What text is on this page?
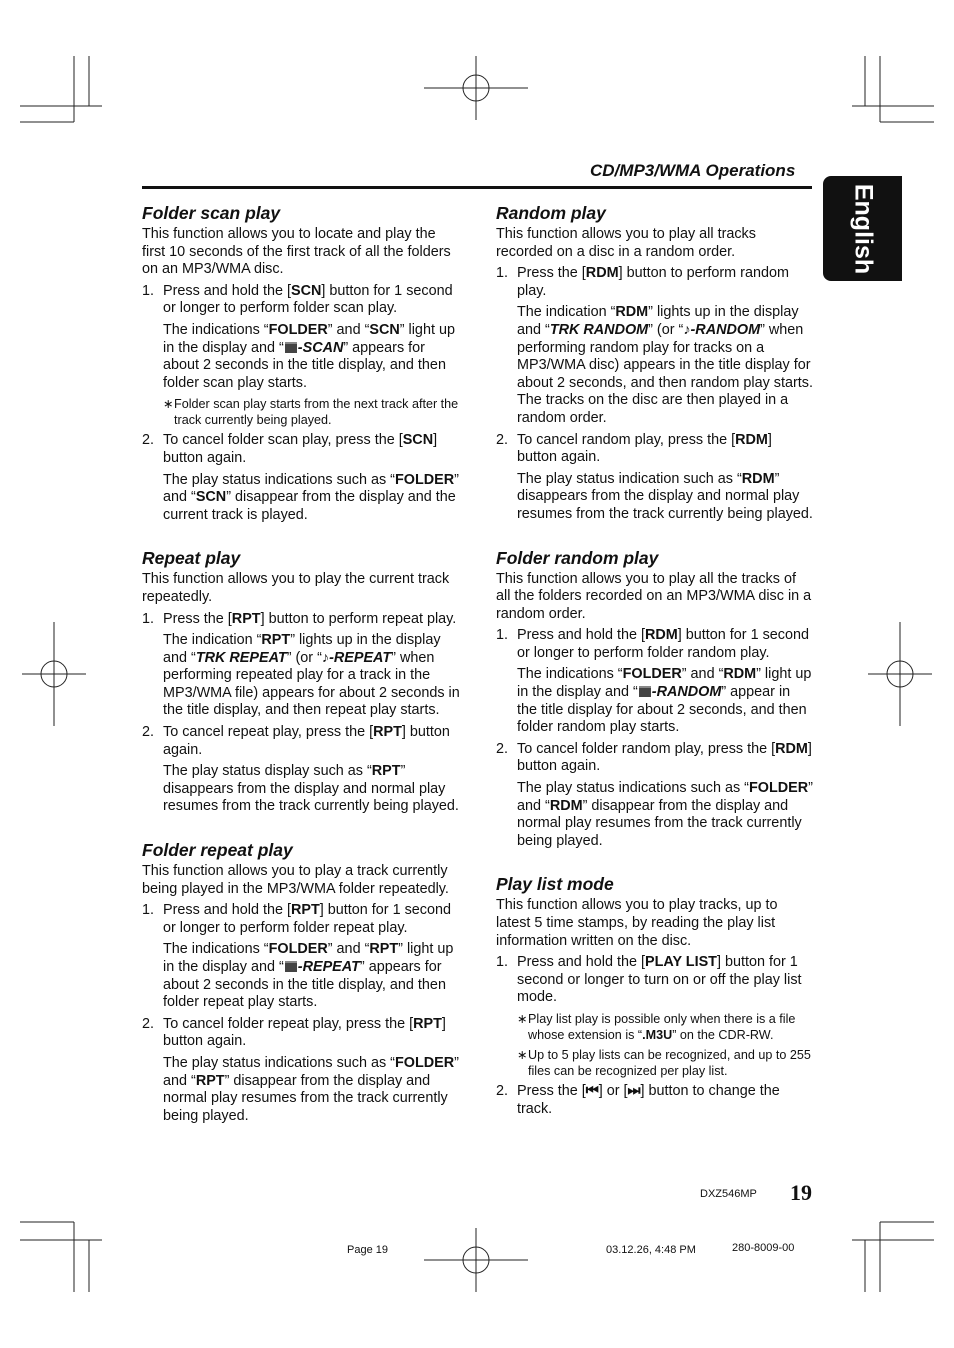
CD/MP3/WMA Operations
English
Folder scan play

This function allows you to locate and play the first 10 seconds of the first track of all the folders on an MP3/WMA disc.

1. Press and hold the [SCN] button for 1 second or longer to perform folder scan play.

The indications “FOLDER” and “SCN” light up in the display and “ -SCAN” appears for about 2 seconds in the title display, and then folder scan play starts.

∗ Folder scan play starts from the next track after the track currently being played.
2. To cancel folder scan play, press the [SCN] button again.

The play status indications such as “FOLDER” and “SCN” disappear from the display and the current track is played.

Repeat play

This function allows you to play the current track repeatedly.

1. Press the [RPT] button to perform repeat play.

The indication “RPT” lights up in the display and “TRK REPEAT” (or “♪-REPEAT” when performing repeated play for a track in the MP3/WMA file) appears for about 2 seconds in the title display, and then repeat play starts.

2. To cancel repeat play, press the [RPT] button again.

The play status display such as “RPT” disappears from the display and normal play resumes from the track currently being played.

Folder repeat play

This function allows you to play a track currently being played in the MP3/WMA folder repeatedly.

1. Press and hold the [RPT] button for 1 second or longer to perform folder repeat play.

The indications “FOLDER” and “RPT” light up in the display and “ -REPEAT” appears for about 2 seconds in the title display, and then folder repeat play starts.

2. To cancel folder repeat play, press the [RPT] button again.

The play status indications such as “FOLDER” and “RPT” disappear from the display and normal play resumes from the track currently being played.

Random play

This function allows you to play all tracks recorded on a disc in a random order.

1. Press the [RDM] button to perform random play.

The indication “RDM” lights up in the display and “TRK RANDOM” (or “♪-RANDOM” when performing random play for tracks on a MP3/WMA disc) appears in the title display for about 2 seconds, and then random play starts. The tracks on the disc are then played in a random order.

2. To cancel random play, press the [RDM] button again.

The play status indication such as “RDM” disappears from the display and normal play resumes from the track currently being played.

Folder random play

This function allows you to play all the tracks of all the folders recorded on an MP3/WMA disc in a random order.

1. Press and hold the [RDM] button for 1 second or longer to perform folder random play.

The indications “FOLDER” and “RDM” light up in the display and “ -RANDOM” appear in the title display for about 2 seconds, and then folder random play starts.

2. To cancel folder random play, press the [RDM] button again.

The play status indications such as “FOLDER” and “RDM” disappear from the display and normal play resumes from the track currently being played.

Play list mode

This function allows you to play tracks, up to latest 5 time stamps, by reading the play list information written on the disc.

1. Press and hold the [PLAY LIST] button for 1 second or longer to turn on or off the play list mode.

∗ Play list play is possible only when there is a file whose extension is “.M3U” on the CDR-RW.
∗ Up to 5 play lists can be recognized, and up to 255 files can be recognized per play list.
2. Press the [⏮] or [⏭] button to change the track.

DXZ546MP 19
Page 19	03.12.26, 4:48 PM	280-8009-00
